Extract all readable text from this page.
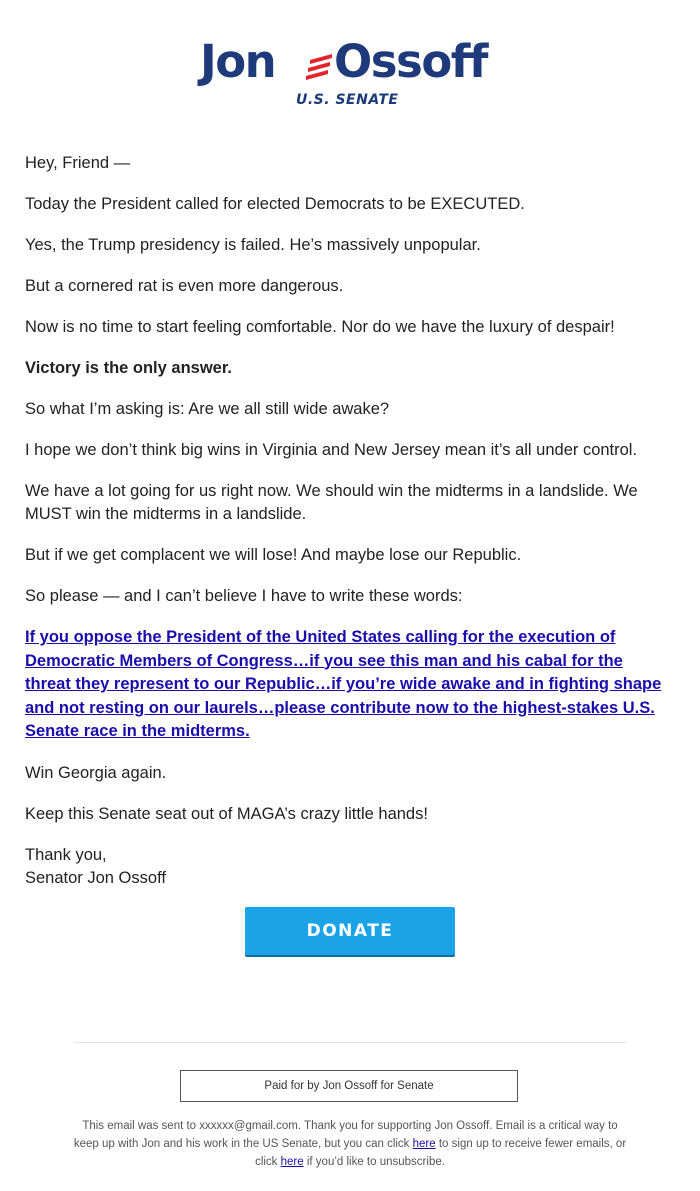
Jon Ossoff
U.S. SENATE

Hey, Friend —

Today the President called for elected Democrats to be EXECUTED.

Yes, the Trump presidency is failed. He’s massively unpopular.

But a cornered rat is even more dangerous.

Now is no time to start feeling comfortable. Nor do we have the luxury of despair!

Victory is the only answer.

So what I’m asking is: Are we all still wide awake?

I hope we don’t think big wins in Virginia and New Jersey mean it’s all under control.

We have a lot going for us right now. We should win the midterms in a landslide. We MUST win the midterms in a landslide.

But if we get complacent we will lose! And maybe lose our Republic.

So please — and I can’t believe I have to write these words:

If you oppose the President of the United States calling for the execution of Democratic Members of Congress…if you see this man and his cabal for the threat they represent to our Republic…if you’re wide awake and in fighting shape and not resting on our laurels…please contribute now to the highest-stakes U.S. Senate race in the midterms.

Win Georgia again.

Keep this Senate seat out of MAGA’s crazy little hands!

Thank you,
Senator Jon Ossoff
DONATE
Paid for by Jon Ossoff for Senate
This email was sent to xxxxxx@gmail.com. Thank you for supporting Jon Ossoff. Email is a critical way to keep up with Jon and his work in the US Senate, but you can click here to sign up to receive fewer emails, or click here if you’d like to unsubscribe.
